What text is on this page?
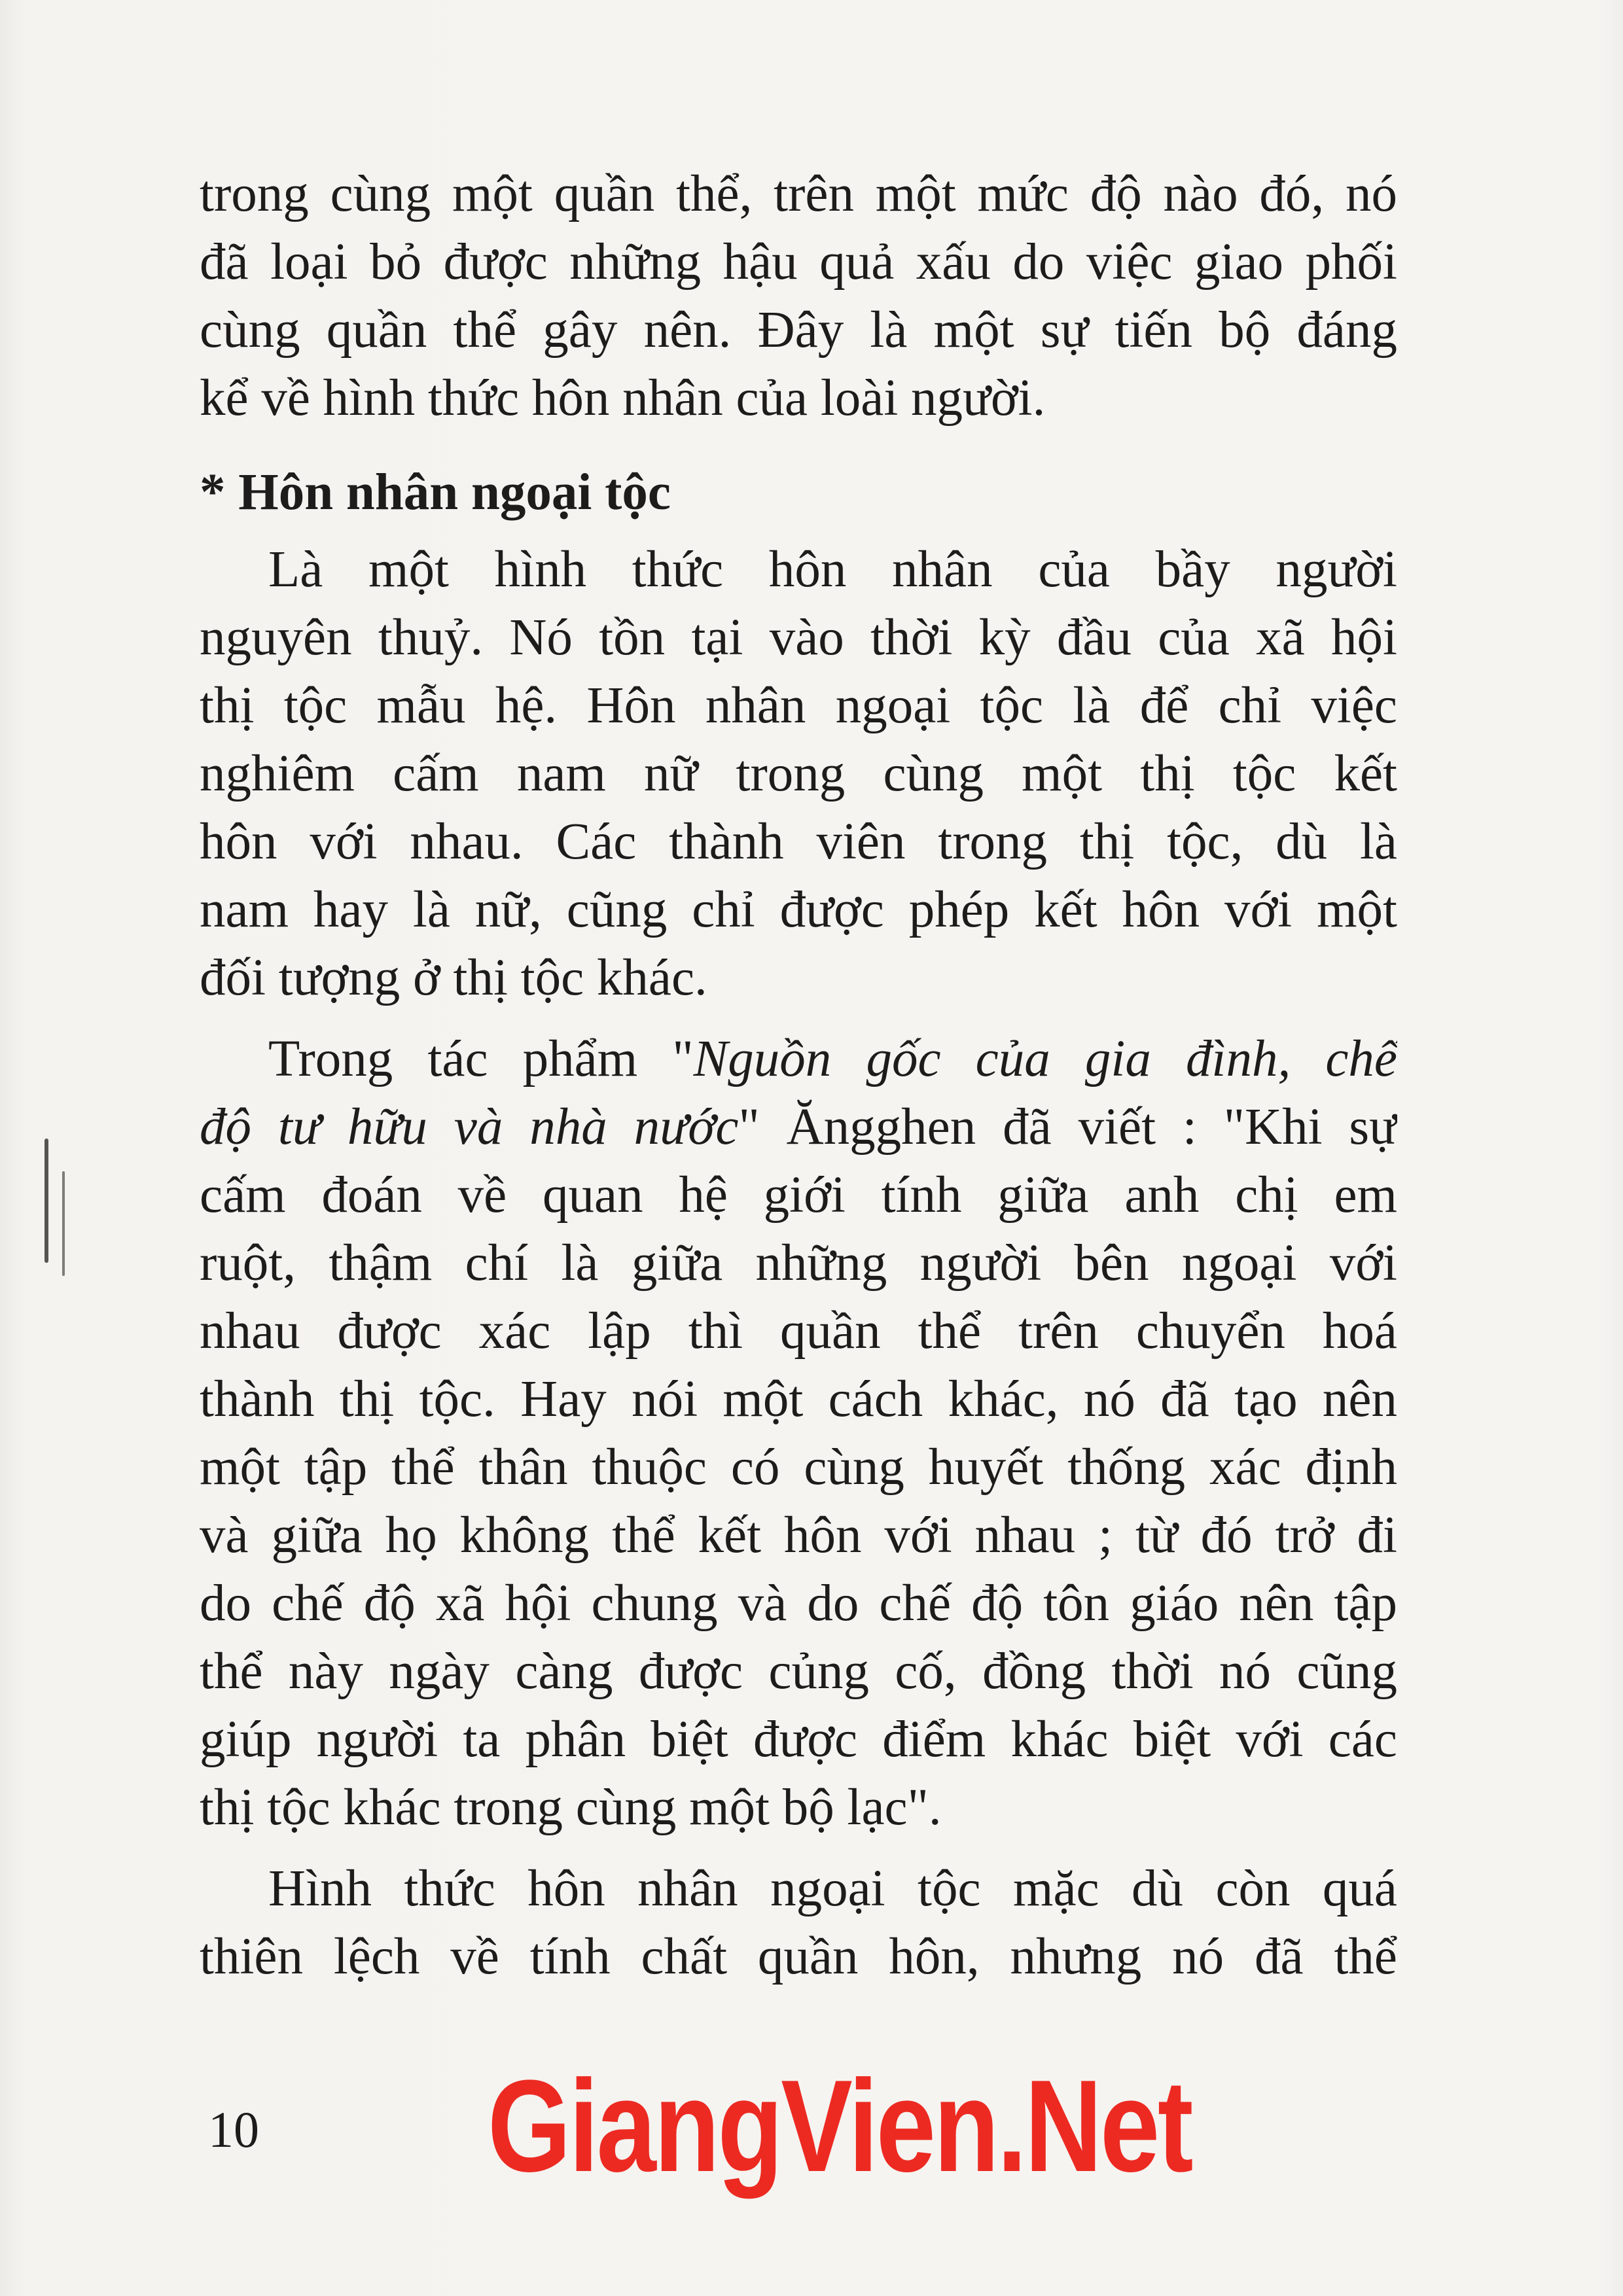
trong cùng một quần thể, trên một mức độ nào đó, nó
đã loại bỏ được những hậu quả xấu do việc giao phối
cùng quần thể gây nên. Đây là một sự tiến bộ đáng
kể về hình thức hôn nhân của loài người.
* Hôn nhân ngoại tộc
Là một hình thức hôn nhân của bầy người
nguyên thuỷ. Nó tồn tại vào thời kỳ đầu của xã hội
thị tộc mẫu hệ. Hôn nhân ngoại tộc là để chỉ việc
nghiêm cấm nam nữ trong cùng một thị tộc kết
hôn với nhau. Các thành viên trong thị tộc, dù là
nam hay là nữ, cũng chỉ được phép kết hôn với một
đối tượng ở thị tộc khác.
Trong tác phẩm "Nguồn gốc của gia đình, chế
độ tư hữu và nhà nước" Ăngghen đã viết : "Khi sự
cấm đoán về quan hệ giới tính giữa anh chị em
ruột, thậm chí là giữa những người bên ngoại với
nhau được xác lập thì quần thể trên chuyển hoá
thành thị tộc. Hay nói một cách khác, nó đã tạo nên
một tập thể thân thuộc có cùng huyết thống xác định
và giữa họ không thể kết hôn với nhau ; từ đó trở đi
do chế độ xã hội chung và do chế độ tôn giáo nên tập
thể này ngày càng được củng cố, đồng thời nó cũng
giúp người ta phân biệt được điểm khác biệt với các
thị tộc khác trong cùng một bộ lạc".
Hình thức hôn nhân ngoại tộc mặc dù còn quá
thiên lệch về tính chất quần hôn, nhưng nó đã thể
10 GiangVien.Net
